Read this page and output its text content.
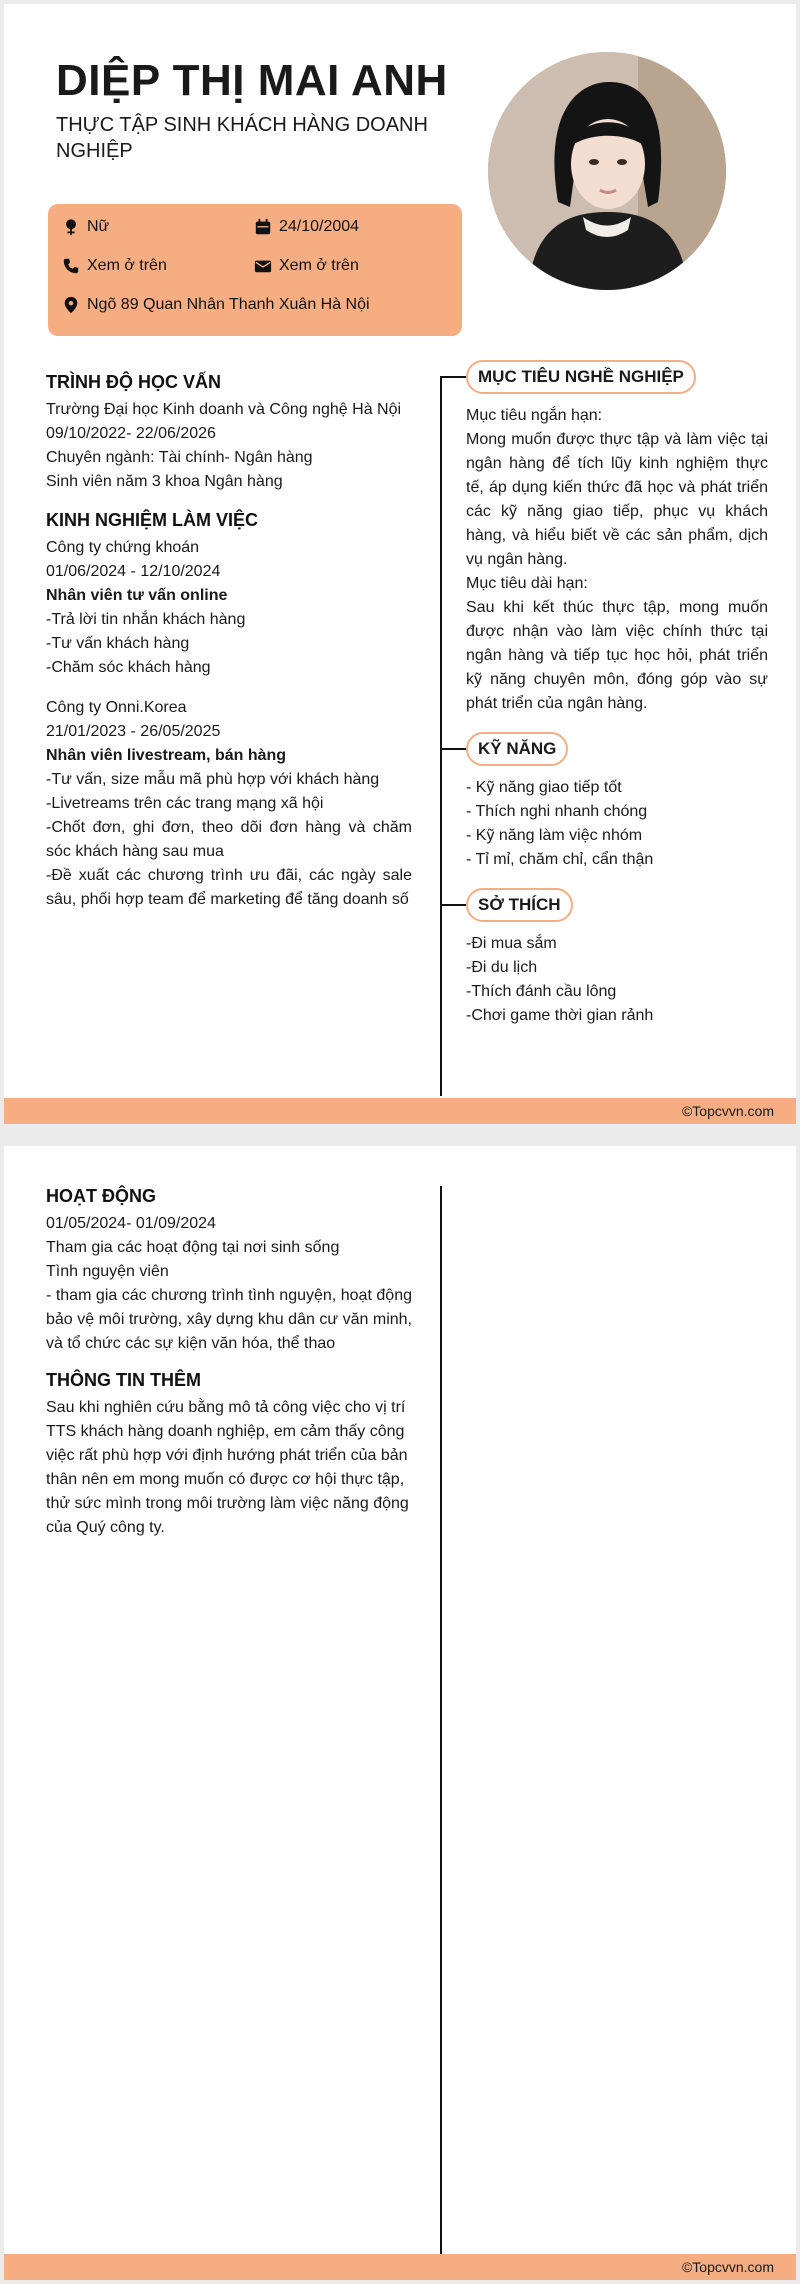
DIỆP THỊ MAI ANH
THỰC TẬP SINH KHÁCH HÀNG DOANH NGHIỆP
Nữ	24/10/2004
Xem ở trên	Xem ở trên
Ngõ 89 Quan Nhân Thanh Xuân Hà Nội
TRÌNH ĐỘ HỌC VẤN

Trường Đại học Kinh doanh và Công nghệ Hà Nội

09/10/2022- 22/06/2026

Chuyên ngành: Tài chính- Ngân hàng

Sinh viên năm 3 khoa Ngân hàng

KINH NGHIỆM LÀM VIỆC

Công ty chứng khoán

01/06/2024 - 12/10/2024

Nhân viên tư vấn online

-Trả lời tin nhắn khách hàng

-Tư vấn khách hàng

-Chăm sóc khách hàng

Công ty Onni.Korea

21/01/2023 - 26/05/2025

Nhân viên livestream, bán hàng

-Tư vấn, size mẫu mã phù hợp với khách hàng

-Livetreams trên các trang mạng xã hội

-Chốt đơn, ghi đơn, theo dõi đơn hàng và chăm sóc khách hàng sau mua

-Đề xuất các chương trình ưu đãi, các ngày sale sâu, phối hợp team để marketing để tăng doanh số

MỤC TIÊU NGHỀ NGHIỆP

Mục tiêu ngắn hạn:

Mong muốn được thực tập và làm việc tại ngân hàng để tích lũy kinh nghiệm thực tế, áp dụng kiến thức đã học và phát triển các kỹ năng giao tiếp, phục vụ khách hàng, và hiểu biết về các sản phẩm, dịch vụ ngân hàng.

Mục tiêu dài hạn:

Sau khi kết thúc thực tập, mong muốn được nhận vào làm việc chính thức tại ngân hàng và tiếp tục học hỏi, phát triển kỹ năng chuyên môn, đóng góp vào sự phát triển của ngân hàng.

KỸ NĂNG

- Kỹ năng giao tiếp tốt

- Thích nghi nhanh chóng

- Kỹ năng làm việc nhóm

- Tỉ mỉ, chăm chỉ, cẩn thận

SỞ THÍCH

-Đi mua sắm

-Đi du lịch

-Thích đánh cầu lông

-Chơi game thời gian rảnh

©Topcvvn.com
HOẠT ĐỘNG

01/05/2024- 01/09/2024

Tham gia các hoạt động tại nơi sinh sống

Tình nguyện viên

- tham gia các chương trình tình nguyện, hoạt động bảo vệ môi trường, xây dựng khu dân cư văn minh, và tổ chức các sự kiện văn hóa, thể thao

THÔNG TIN THÊM

Sau khi nghiên cứu bằng mô tả công việc cho vị trí TTS khách hàng doanh nghiệp, em cảm thấy công việc rất phù hợp với định hướng phát triển của bản thân nên em mong muốn có được cơ hội thực tập, thử sức mình trong môi trường làm việc năng động của Quý công ty.

©Topcvvn.com
